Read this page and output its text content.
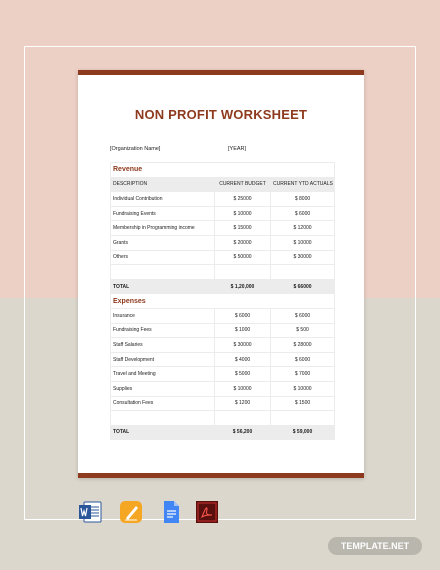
NON PROFIT WORKSHEET
[Organization Name]	[YEAR]
Revenue		
DESCRIPTION	CURRENT BUDGET	CURRENT YTD ACTUALS
Individual Contribution	$ 25000	$ 8000
Fundraising Events	$ 10000	$ 6000
Membership in Programming income	$ 15000	$ 12000
Grants	$ 20000	$ 10000
Others	$ 50000	$ 30000

TOTAL	$ 1,20,000	$ 66000
Expenses		
Insurance	$ 6000	$ 6000
Fundraising Fees	$ 1000	$ 500
Staff Salaries	$ 30000	$ 28000
Staff Development	$ 4000	$ 6000
Travel and Meeting	$ 5000	$ 7000
Supplies	$ 10000	$ 10000
Consultation Fees	$ 1200	$ 1500

TOTAL	$ 56,200	$ 59,000
TEMPLATE.NET
